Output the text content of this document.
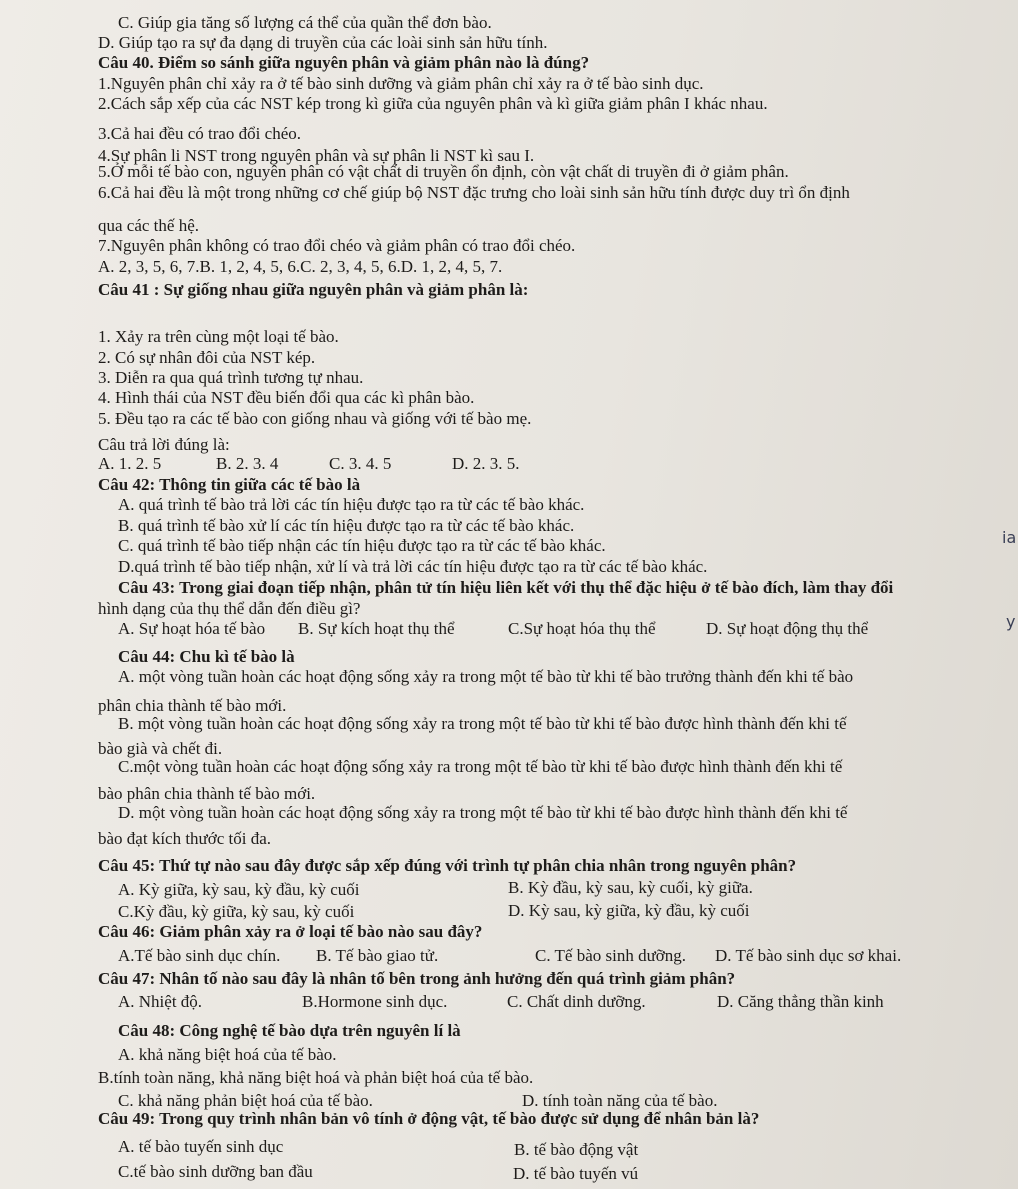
C. Giúp gia tăng số lượng cá thể của quần thể đơn bào.
D. Giúp tạo ra sự đa dạng di truyền của các loài sinh sản hữu tính.
Câu 40. Điểm so sánh giữa nguyên phân và giảm phân nào là đúng?
1.Nguyên phân chỉ xảy ra ở tế bào sinh dưỡng và giảm phân chỉ xảy ra ở tế bào sinh dục.
2.Cách sắp xếp của các NST kép trong kì giữa của nguyên phân và kì giữa giảm phân I khác nhau.
3.Cả hai đều có trao đổi chéo.
4.Sự phân li NST trong nguyên phân và sự phân li NST kì sau I.
5.Ở mỗi tế bào con, nguyên phân có vật chất di truyền ổn định, còn vật chất di truyền đi ở giảm phân.
6.Cả hai đều là một trong những cơ chế giúp bộ NST đặc trưng cho loài sinh sản hữu tính được duy trì ổn định
qua các thế hệ.
7.Nguyên phân không có trao đổi chéo và giảm phân có trao đổi chéo.
A. 2, 3, 5, 6, 7.B. 1, 2, 4, 5, 6.C. 2, 3, 4, 5, 6.D. 1, 2, 4, 5, 7.
Câu 41 : Sự giống nhau giữa nguyên phân và giảm phân là:
1. Xảy ra trên cùng một loại tế bào.
2. Có sự nhân đôi của NST kép.
3. Diễn ra qua quá trình tương tự nhau.
4. Hình thái của NST đều biến đổi qua các kì phân bào.
5. Đều tạo ra các tế bào con giống nhau và giống với tế bào mẹ.
Câu trả lời đúng là:
A. 1. 2. 5	B. 2. 3. 4	C. 3. 4. 5	D. 2. 3. 5.
Câu 42: Thông tin giữa các tế bào là
A. quá trình tế bào trả lời các tín hiệu được tạo ra từ các tế bào khác.
B. quá trình tế bào xử lí các tín hiệu được tạo ra từ các tế bào khác.
C. quá trình tế bào tiếp nhận các tín hiệu được tạo ra từ các tế bào khác.
D.quá trình tế bào tiếp nhận, xử lí và trả lời các tín hiệu được tạo ra từ các tế bào khác.
Câu 43: Trong giai đoạn tiếp nhận, phân tử tín hiệu liên kết với thụ thể đặc hiệu ở tế bào đích, làm thay đổi
hình dạng của thụ thể dẫn đến điều gì?
A. Sự hoạt hóa tế bào B. Sự kích hoạt thụ thể	C.Sự hoạt hóa thụ thể	D. Sự hoạt động thụ thể
Câu 44: Chu kì tế bào là
A. một vòng tuần hoàn các hoạt động sống xảy ra trong một tế bào từ khi tế bào trưởng thành đến khi tế bào
phân chia thành tế bào mới.
B. một vòng tuần hoàn các hoạt động sống xảy ra trong một tế bào từ khi tế bào được hình thành đến khi tế
bào già và chết đi.
C.một vòng tuần hoàn các hoạt động sống xảy ra trong một tế bào từ khi tế bào được hình thành đến khi tế
bào phân chia thành tế bào mới.
D. một vòng tuần hoàn các hoạt động sống xảy ra trong một tế bào từ khi tế bào được hình thành đến khi tế
bào đạt kích thước tối đa.
Câu 45: Thứ tự nào sau đây được sắp xếp đúng với trình tự phân chia nhân trong nguyên phân?
A. Kỳ giữa, kỳ sau, kỳ đầu, kỳ cuối	B. Kỳ đầu, kỳ sau, kỳ cuối, kỳ giữa.
C.Kỳ đầu, kỳ giữa, kỳ sau, kỳ cuối	D. Kỳ sau, kỳ giữa, kỳ đầu, kỳ cuối
Câu 46: Giảm phân xảy ra ở loại tế bào nào sau đây?
A.Tế bào sinh dục chín. B. Tế bào giao tử.	C. Tế bào sinh dưỡng. D. Tế bào sinh dục sơ khai.
Câu 47: Nhân tố nào sau đây là nhân tố bên trong ảnh hưởng đến quá trình giảm phân?
A. Nhiệt độ.	B.Hormone sinh dục.	C. Chất dinh dưỡng.	D. Căng thẳng thần kinh
Câu 48: Công nghệ tế bào dựa trên nguyên lí là
A. khả năng biệt hoá của tế bào.
B.tính toàn năng, khả năng biệt hoá và phản biệt hoá của tế bào.
C. khả năng phản biệt hoá của tế bào.	D. tính toàn năng của tế bào.
Câu 49: Trong quy trình nhân bản vô tính ở động vật, tế bào được sử dụng để nhân bản là?
A. tế bào tuyến sinh dục	B. tế bào động vật
C.tế bào sinh dưỡng ban đầu	D. tế bào tuyến vú
ia
y
